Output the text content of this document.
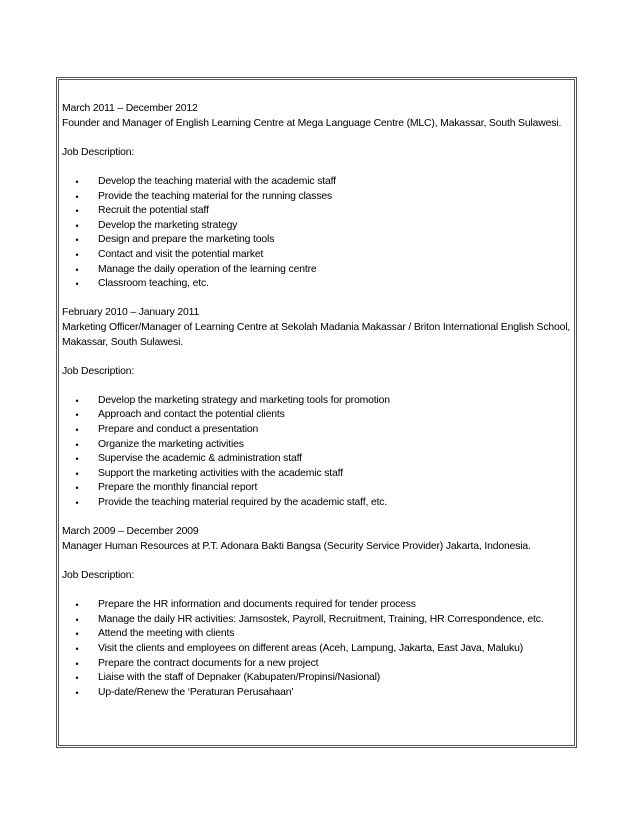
March 2011 – December 2012

Founder and Manager of English Learning Centre at Mega Language Centre (MLC), Makassar, South Sulawesi.

Job Description:

•	Develop the teaching material with the academic staff
•	Provide the teaching material for the running classes
•	Recruit the potential staff
•	Develop the marketing strategy
•	Design and prepare the marketing tools
•	Contact and visit the potential market
•	Manage the daily operation of the learning centre
•	Classroom teaching, etc.

February 2010 – January 2011

Marketing Officer/Manager of Learning Centre at Sekolah Madania Makassar / Briton International English School, Makassar, South Sulawesi.

Job Description:

•	Develop the marketing strategy and marketing tools for promotion
•	Approach and contact the potential clients
•	Prepare and conduct a presentation
•	Organize the marketing activities
•	Supervise the academic & administration staff
•	Support the marketing activities with the academic staff
•	Prepare the monthly financial report
•	Provide the teaching material required by the academic staff, etc.

March 2009 – December 2009

Manager Human Resources at P.T. Adonara Bakti Bangsa (Security Service Provider) Jakarta, Indonesia.

Job Description:

•	Prepare the HR information and documents required for tender process
•	Manage the daily HR activities: Jamsostek, Payroll, Recruitment, Training, HR Correspondence, etc.
•	Attend the meeting with clients
•	Visit the clients and employees on different areas (Aceh, Lampung, Jakarta, East Java, Maluku)
•	Prepare the contract documents for a new project
•	Liaise with the staff of Depnaker (Kabupaten/Propinsi/Nasional)
•	Up-date/Renew the ‘Peraturan Perusahaan’
